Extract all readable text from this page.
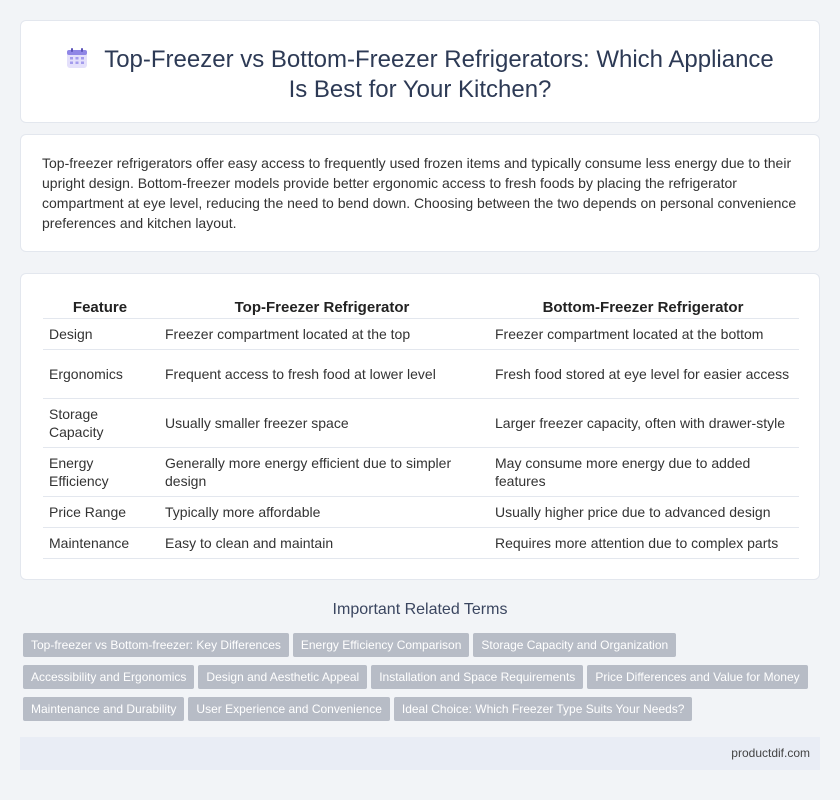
Top-Freezer vs Bottom-Freezer Refrigerators: Which Appliance Is Best for Your Kitchen?

Top-freezer refrigerators offer easy access to frequently used frozen items and typically consume less energy due to their upright design. Bottom-freezer models provide better ergonomic access to fresh foods by placing the refrigerator compartment at eye level, reducing the need to bend down. Choosing between the two depends on personal convenience preferences and kitchen layout.

Feature	Top-Freezer Refrigerator	Bottom-Freezer Refrigerator
Design	Freezer compartment located at the top	Freezer compartment located at the bottom
Ergonomics	Frequent access to fresh food at lower level	Fresh food stored at eye level for easier access
Storage Capacity	Usually smaller freezer space	Larger freezer capacity, often with drawer-style
Energy Efficiency	Generally more energy efficient due to simpler design	May consume more energy due to added features
Price Range	Typically more affordable	Usually higher price due to advanced design
Maintenance	Easy to clean and maintain	Requires more attention due to complex parts
Important Related Terms
Top-freezer vs Bottom-freezer: Key Differences Energy Efficiency Comparison Storage Capacity and Organization
Accessibility and Ergonomics Design and Aesthetic Appeal Installation and Space Requirements Price Differences and Value for Money
Maintenance and Durability User Experience and Convenience Ideal Choice: Which Freezer Type Suits Your Needs?
productdif.com
